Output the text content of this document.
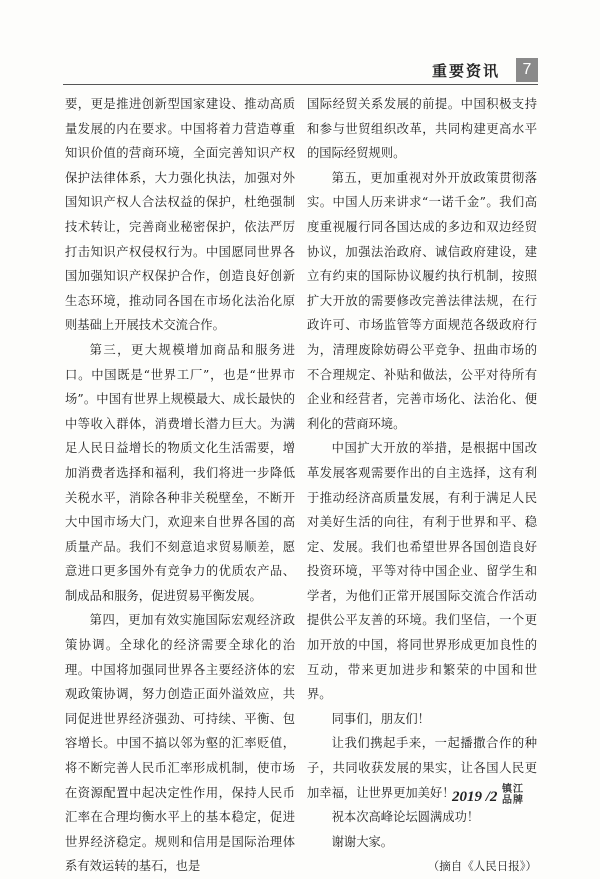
重要资讯	7

要，更是推进创新型国家建设、推动高质量发展的内在要求。中国将着力营造尊重知识价值的营商环境，全面完善知识产权保护法律体系，大力强化执法，加强对外国知识产权人合法权益的保护，杜绝强制技术转让，完善商业秘密保护，依法严厉打击知识产权侵权行为。中国愿同世界各国加强知识产权保护合作，创造良好创新生态环境，推动同各国在市场化法治化原则基础上开展技术交流合作。

第三，更大规模增加商品和服务进口。中国既是“世界工厂”，也是“世界市场”。中国有世界上规模最大、成长最快的中等收入群体，消费增长潜力巨大。为满足人民日益增长的物质文化生活需要，增加消费者选择和福利，我们将进一步降低关税水平，消除各种非关税壁垒，不断开大中国市场大门，欢迎来自世界各国的高质量产品。我们不刻意追求贸易顺差，愿意进口更多国外有竞争力的优质农产品、制成品和服务，促进贸易平衡发展。

第四，更加有效实施国际宏观经济政策协调。全球化的经济需要全球化的治理。中国将加强同世界各主要经济体的宏观政策协调，努力创造正面外溢效应，共同促进世界经济强劲、可持续、平衡、包容增长。中国不搞以邻为壑的汇率贬值，将不断完善人民币汇率形成机制，使市场在资源配置中起决定性作用，保持人民币汇率在合理均衡水平上的基本稳定，促进世界经济稳定。规则和信用是国际治理体系有效运转的基石，也是

国际经贸关系发展的前提。中国积极支持和参与世贸组织改革，共同构建更高水平的国际经贸规则。

第五，更加重视对外开放政策贯彻落实。中国人历来讲求“一诺千金”。我们高度重视履行同各国达成的多边和双边经贸协议，加强法治政府、诚信政府建设，建立有约束的国际协议履约执行机制，按照扩大开放的需要修改完善法律法规，在行政许可、市场监管等方面规范各级政府行为，清理废除妨碍公平竞争、扭曲市场的不合理规定、补贴和做法，公平对待所有企业和经营者，完善市场化、法治化、便利化的营商环境。

中国扩大开放的举措，是根据中国改革发展客观需要作出的自主选择，这有利于推动经济高质量发展，有利于满足人民对美好生活的向往，有利于世界和平、稳定、发展。我们也希望世界各国创造良好投资环境，平等对待中国企业、留学生和学者，为他们正常开展国际交流合作活动提供公平友善的环境。我们坚信，一个更加开放的中国，将同世界形成更加良性的互动，带来更加进步和繁荣的中国和世界。

同事们，朋友们！

让我们携起手来，一起播撒合作的种子，共同收获发展的果实，让各国人民更加幸福，让世界更加美好！

祝本次高峰论坛圆满成功！

谢谢大家。

（摘自《人民日报》）

2019 /2 镇江
品牌
